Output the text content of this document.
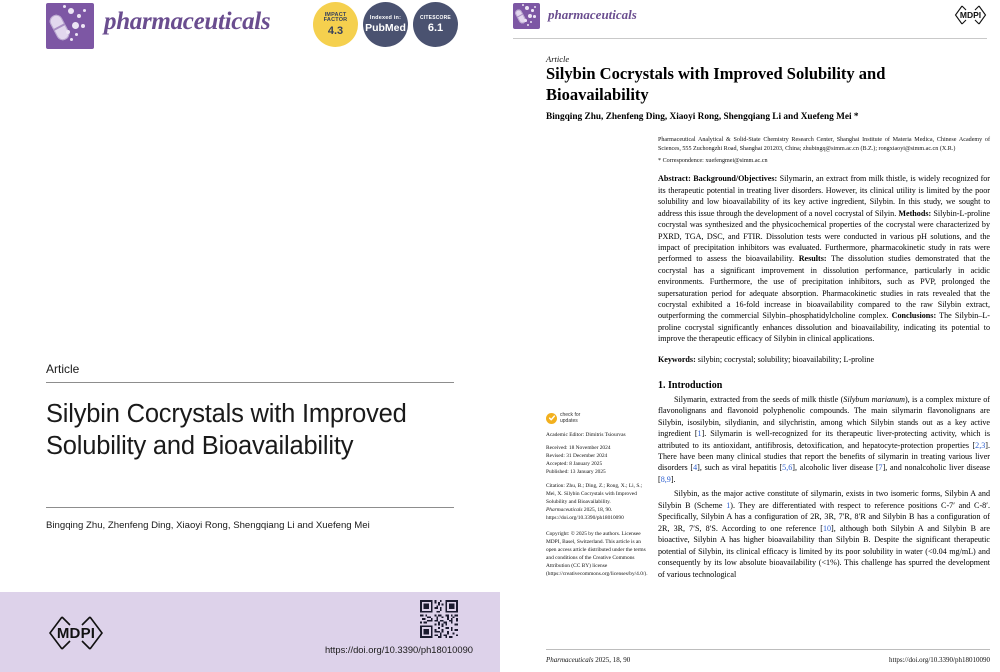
pharmaceuticals	IMPACT FACTOR
4.3
Indexed in:
PubMed
CITESCORE
6.1
Article
Silybin Cocrystals with Improved Solubility and Bioavailability
Bingqing Zhu, Zhenfeng Ding, Xiaoyi Rong, Shengqiang Li and Xuefeng Mei
MDPI
https://doi.org/10.3390/ph18010090
pharmaceuticals	MDPI
Article
Silybin Cocrystals with Improved Solubility and Bioavailability
Bingqing Zhu, Zhenfeng Ding, Xiaoyi Rong, Shengqiang Li and Xuefeng Mei *

Pharmaceutical Analytical & Solid-State Chemistry Research Center, Shanghai Institute of Materia Medica, Chinese Academy of Sciences, 555 Zuchongzhi Road, Shanghai 201203, China; zhubingq@simm.ac.cn (B.Z.); rongxiaoyi@simm.ac.cn (X.R.)

* Correspondence: xuefengmei@simm.ac.cn

Abstract: Background/Objectives: Silymarin, an extract from milk thistle, is widely recognized for its therapeutic potential in treating liver disorders. However, its clinical utility is limited by the poor solubility and low bioavailability of its key active ingredient, Silybin. In this study, we sought to address this issue through the development of a novel cocrystal of Silyin. Methods: Silybin-L-proline cocrystal was synthesized and the physicochemical properties of the cocrystal were characterized by PXRD, TGA, DSC, and FTIR. Dissolution tests were conducted in various pH solutions, and the impact of precipitation inhibitors was evaluated. Furthermore, pharmacokinetic study in rats were performed to assess the bioavailability. Results: The dissolution studies demonstrated that the cocrystal has a significant improvement in dissolution performance, particularly in acidic environments. Furthermore, the use of precipitation inhibitors, such as PVP, prolonged the supersaturation period for adequate absorption. Pharmacokinetic studies in rats revealed that the cocrystal exhibited a 16-fold increase in bioavailability compared to the raw Silybin extract, outperforming the commercial Silybin–phosphatidylcholine complex. Conclusions: The Silybin–L-proline cocrystal significantly enhances dissolution and bioavailability, indicating its potential to improve the therapeutic efficacy of Silybin in clinical applications.
Keywords: silybin; cocrystal; solubility; bioavailability; L-proline
1. Introduction
Silymarin, extracted from the seeds of milk thistle (Silybum marianum), is a complex mixture of flavonolignans and flavonoid polyphenolic compounds. The main silymarin flavonolignans are Silybin, isosilybin, silydianin, and silychristin, among which Silybin stands out as a key active ingredient [1]. Silymarin is well-recognized for its therapeutic liver-protecting activity, which is attributed to its antioxidant, antifibrosis, detoxification, and hepatocyte-protection properties [2,3]. There have been many clinical studies that report the benefits of silymarin in treating various liver disorders [4], such as viral hepatitis [5,6], alcoholic liver disease [7], and nonalcoholic liver disease [8,9].
Silybin, as the major active constitute of silymarin, exists in two isomeric forms, Silybin A and Silybin B (Scheme 1). They are differentiated with respect to reference positions C-7′ and C-8′. Specifically, Silybin A has a configuration of 2R, 3R, 7′R, 8′R and Silybin B has a configuration of 2R, 3R, 7′S, 8′S. According to one reference [10], although both Silybin A and Silybin B are bioactive, Silybin A has higher bioavailability than Silybin B. Despite the significant therapeutic potential of Silybin, its clinical efficacy is limited by its poor solubility in water (<0.04 mg/mL) and consequently by its low absolute bioavailability (<1%). This challenge has spurred the development of various technological
check for
updates

Academic Editor: Dimitris Tsiourvas

Received: 18 November 2024

Revised: 31 December 2024

Accepted: 8 January 2025

Published: 13 January 2025

Citation: Zhu, B.; Ding, Z.; Rong, X.; Li, S.; Mei, X. Silybin Cocrystals with Improved Solubility and Bioavailability. Pharmaceuticals 2025, 18, 90. https://doi.org/10.3390/ph18010090

Copyright: © 2025 by the authors. Licensee MDPI, Basel, Switzerland. This article is an open access article distributed under the terms and conditions of the Creative Commons Attribution (CC BY) license (https://creativecommons.org/licenses/by/4.0/).

Pharmaceuticals 2025, 18, 90	https://doi.org/10.3390/ph18010090
